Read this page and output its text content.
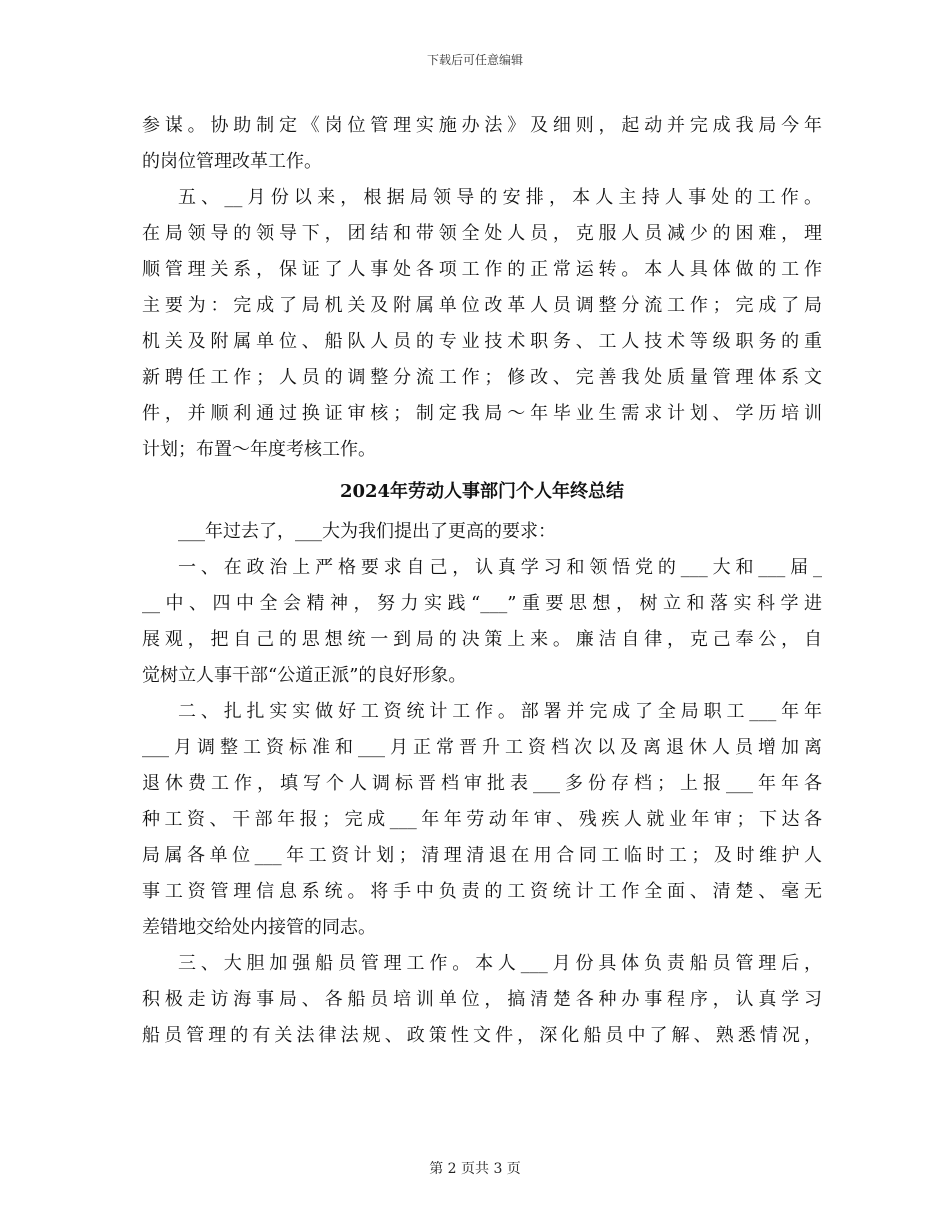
下载后可任意编辑
参谋。协助制定《岗位管理实施办法》及细则，起动并完成我局今年
的岗位管理改革工作。
五、__月份以来，根据局领导的安排，本人主持人事处的工作。
在局领导的领导下，团结和带领全处人员，克服人员减少的困难，理
顺管理关系，保证了人事处各项工作的正常运转。本人具体做的工作
主要为：完成了局机关及附属单位改革人员调整分流工作；完成了局
机关及附属单位、船队人员的专业技术职务、工人技术等级职务的重
新聘任工作；人员的调整分流工作；修改、完善我处质量管理体系文
件，并顺利通过换证审核；制定我局～年毕业生需求计划、学历培训
计划；布置～年度考核工作。
2024年劳动人事部门个人年终总结
___年过去了，___大为我们提出了更高的要求：
一、在政治上严格要求自己，认真学习和领悟党的___大和___届_
__中、四中全会精神，努力实践“___”重要思想，树立和落实科学进
展观，把自己的思想统一到局的决策上来。廉洁自律，克己奉公，自
觉树立人事干部“公道正派”的良好形象。
二、扎扎实实做好工资统计工作。部署并完成了全局职工___年年
___月调整工资标准和___月正常晋升工资档次以及离退休人员增加离
退休费工作，填写个人调标晋档审批表___多份存档；上报___年年各
种工资、干部年报；完成___年年劳动年审、残疾人就业年审；下达各
局属各单位___年工资计划；清理清退在用合同工临时工；及时维护人
事工资管理信息系统。将手中负责的工资统计工作全面、清楚、毫无
差错地交给处内接管的同志。
三、大胆加强船员管理工作。本人___月份具体负责船员管理后，
积极走访海事局、各船员培训单位，搞清楚各种办事程序，认真学习
船员管理的有关法律法规、政策性文件，深化船员中了解、熟悉情况，
第 2 页共 3 页
